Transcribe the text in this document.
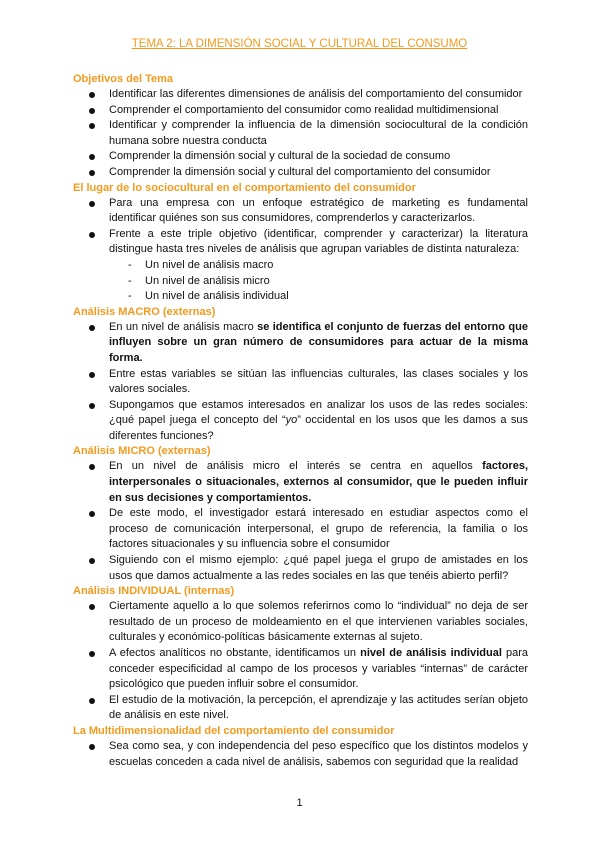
TEMA 2: LA DIMENSIÓN SOCIAL Y CULTURAL DEL CONSUMO
Objetivos del Tema
Identificar las diferentes dimensiones de análisis del comportamiento del consumidor
Comprender el comportamiento del consumidor como realidad multidimensional
Identificar y comprender la influencia de la dimensión sociocultural de la condición humana sobre nuestra conducta
Comprender la dimensión social y cultural de la sociedad de consumo
Comprender la dimensión social y cultural del comportamiento del consumidor
El lugar de lo sociocultural en el comportamiento del consumidor
Para una empresa con un enfoque estratégico de marketing es fundamental identificar quiénes son sus consumidores, comprenderlos y caracterizarlos.
Frente a este triple objetivo (identificar, comprender y caracterizar) la literatura distingue hasta tres niveles de análisis que agrupan variables de distinta naturaleza:
- Un nivel de análisis macro
- Un nivel de análisis micro
- Un nivel de análisis individual
Análisis MACRO (externas)
En un nivel de análisis macro se identifica el conjunto de fuerzas del entorno que influyen sobre un gran número de consumidores para actuar de la misma forma.
Entre estas variables se sitúan las influencias culturales, las clases sociales y los valores sociales.
Supongamos que estamos interesados en analizar los usos de las redes sociales: ¿qué papel juega el concepto del “yo” occidental en los usos que les damos a sus diferentes funciones?
Análisis MICRO (externas)
En un nivel de análisis micro el interés se centra en aquellos factores, interpersonales o situacionales, externos al consumidor, que le pueden influir en sus decisiones y comportamientos.
De este modo, el investigador estará interesado en estudiar aspectos como el proceso de comunicación interpersonal, el grupo de referencia, la familia o los factores situacionales y su influencia sobre el consumidor
Siguiendo con el mismo ejemplo: ¿qué papel juega el grupo de amistades en los usos que damos actualmente a las redes sociales en las que tenéis abierto perfil?
Análisis INDIVIDUAL (internas)
Ciertamente aquello a lo que solemos referirnos como lo “individual” no deja de ser resultado de un proceso de moldeamiento en el que intervienen variables sociales, culturales y económico-políticas básicamente externas al sujeto.
A efectos analíticos no obstante, identificamos un nivel de análisis individual para conceder especificidad al campo de los procesos y variables “internas” de carácter psicológico que pueden influir sobre el consumidor.
El estudio de la motivación, la percepción, el aprendizaje y las actitudes serían objeto de análisis en este nivel.
La Multidimensionalidad del comportamiento del consumidor
Sea como sea, y con independencia del peso específico que los distintos modelos y escuelas conceden a cada nivel de análisis, sabemos con seguridad que la realidad
1
